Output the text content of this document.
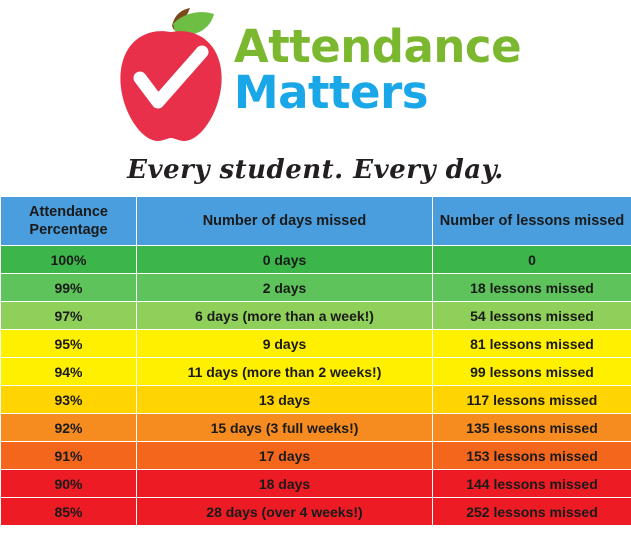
Attendance
Matters
Every student. Every day.
Attendance Percentage	Number of days missed	Number of lessons missed
100%	0 days	0
99%	2 days	18 lessons missed
97%	6 days (more than a week!)	54 lessons missed
95%	9 days	81 lessons missed
94%	11 days (more than 2 weeks!)	99 lessons missed
93%	13 days	117 lessons missed
92%	15 days (3 full weeks!)	135 lessons missed
91%	17 days	153 lessons missed
90%	18 days	144 lessons missed
85%	28 days (over 4 weeks!)	252 lessons missed
